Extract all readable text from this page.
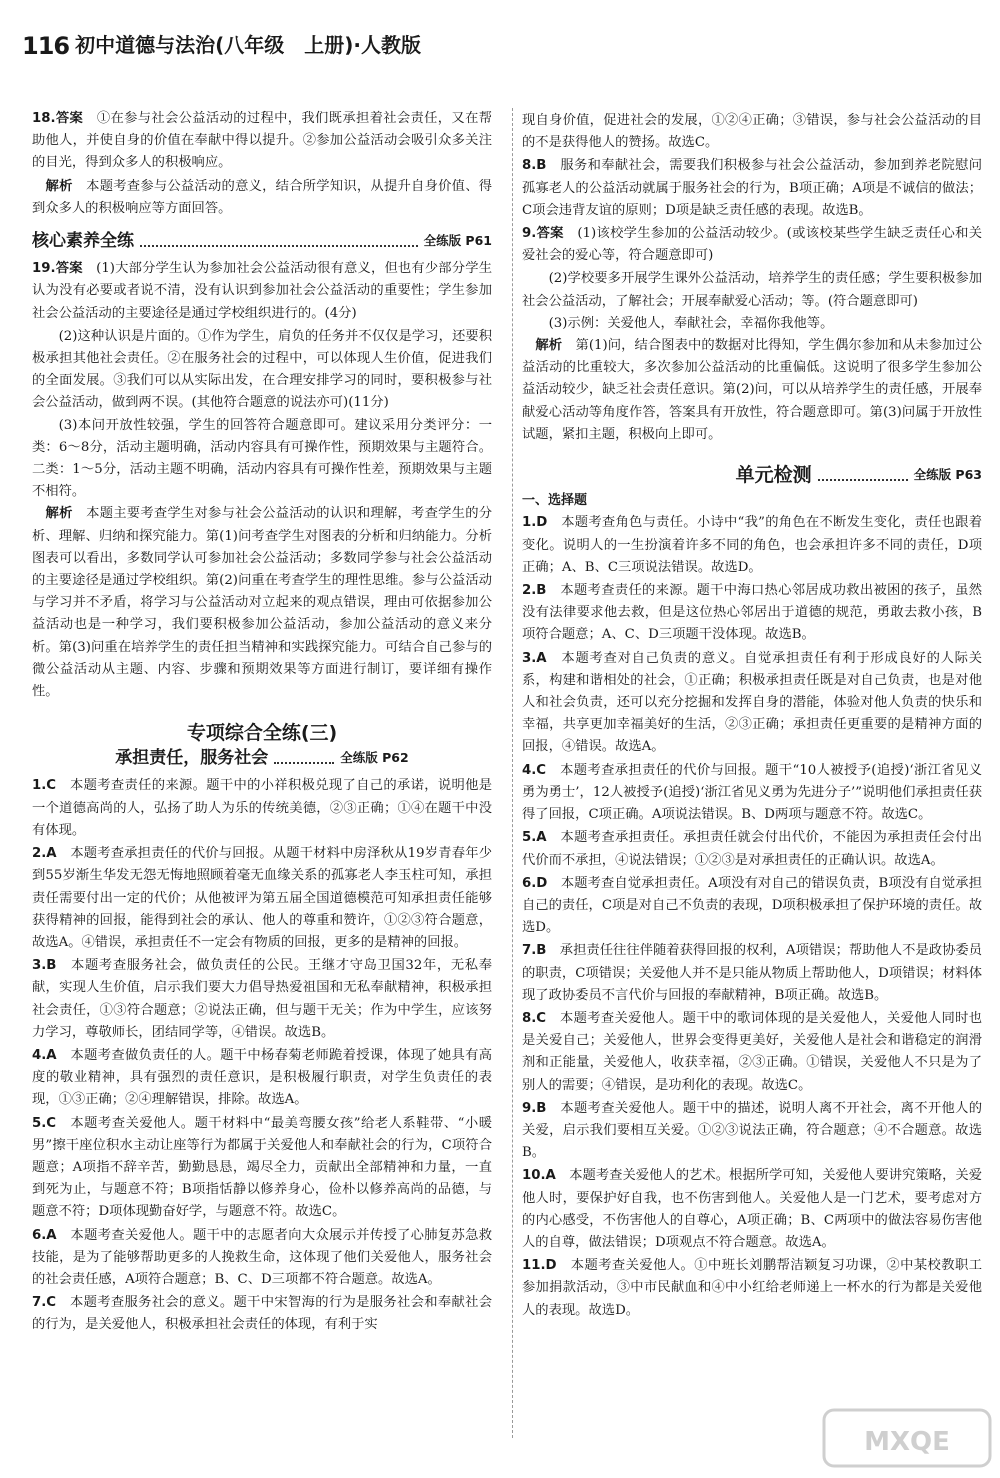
116 初中道德与法治(八年级　上册)·人教版
18.答案　 ①在参与社会公益活动的过程中，我们既承担着社会责任，又在帮助他人，并使自身的价值在奉献中得以提升。②参加公益活动会吸引众多关注的目光，得到众多人的积极响应。
　解析　 本题考查参与公益活动的意义，结合所学知识，从提升自身价值、得到众多人的积极响应等方面回答。
核心素养全练	全练版 P61
19.答案　 (1)大部分学生认为参加社会公益活动很有意义，但也有少部分学生认为没有必要或者说不清，没有认识到参加社会公益活动的重要性；学生参加社会公益活动的主要途径是通过学校组织进行的。(4分)

(2)这种认识是片面的。①作为学生，肩负的任务并不仅仅是学习，还要积极承担其他社会责任。②在服务社会的过程中，可以体现人生价值，促进我们的全面发展。③我们可以从实际出发，在合理安排学习的同时，要积极参与社会公益活动，做到两不误。(其他符合题意的说法亦可)(11分)

(3)本问开放性较强，学生的回答符合题意即可。建议采用分类评分：一类：6～8分，活动主题明确，活动内容具有可操作性，预期效果与主题符合。二类：1～5分，活动主题不明确，活动内容具有可操作性差，预期效果与主题不相符。

　解析　 本题主要考查学生对参与社会公益活动的认识和理解，考查学生的分析、理解、归纳和探究能力。第(1)问考查学生对图表的分析和归纳能力。分析图表可以看出，多数同学认可参加社会公益活动；多数同学参与社会公益活动的主要途径是通过学校组织。第(2)问重在考查学生的理性思维。参与公益活动与学习并不矛盾，将学习与公益活动对立起来的观点错误，理由可依据参加公益活动也是一种学习，我们要积极参加公益活动，参加公益活动的意义来分析。第(3)问重在培养学生的责任担当精神和实践探究能力。可结合自己参与的微公益活动从主题、内容、步骤和预期效果等方面进行制订，要详细有操作性。
专项综合全练(三)
承担责任，服务社会	全练版 P62
1.C　 本题考查责任的来源。题干中的小祥积极兑现了自己的承诺，说明他是一个道德高尚的人，弘扬了助人为乐的传统美德，②③正确；①④在题干中没有体现。
2.A　 本题考查承担责任的代价与回报。从题干材料中房泽秋从19岁青春年少到55岁渐生华发无怨无悔地照顾着毫无血缘关系的孤寡老人李玉柱可知，承担责任需要付出一定的代价；从他被评为第五届全国道德模范可知承担责任能够获得精神的回报，能得到社会的承认、他人的尊重和赞许，①②③符合题意，故选A。④错误，承担责任不一定会有物质的回报，更多的是精神的回报。
3.B　 本题考查服务社会，做负责任的公民。王继才守岛卫国32年，无私奉献，实现人生价值，启示我们要大力倡导热爱祖国和无私奉献精神，积极承担社会责任，①③符合题意；②说法正确，但与题干无关；作为中学生，应该努力学习，尊敬师长，团结同学等，④错误。故选B。
4.A　 本题考查做负责任的人。题干中杨春菊老师跪着授课，体现了她具有高度的敬业精神，具有强烈的责任意识，是积极履行职责，对学生负责任的表现，①③正确；②④理解错误，排除。故选A。
5.C　 本题考查关爱他人。题干材料中“最美弯腰女孩”给老人系鞋带、“小暖男”擦干座位积水主动让座等行为都属于关爱他人和奉献社会的行为，C项符合题意；A项指不辞辛苦，勤勤恳恳，竭尽全力，贡献出全部精神和力量，一直到死为止，与题意不符；B项指恬静以修养身心，俭朴以修养高尚的品德，与题意不符；D项体现勤奋好学，与题意不符。故选C。
6.A　 本题考查关爱他人。题干中的志愿者向大众展示并传授了心肺复苏急救技能，是为了能够帮助更多的人挽救生命，这体现了他们关爱他人，服务社会的社会责任感，A项符合题意；B、C、D三项都不符合题意。故选A。
7.C　 本题考查服务社会的意义。题干中宋智海的行为是服务社会和奉献社会的行为，是关爱他人，积极承担社会责任的体现，有利于实
现自身价值，促进社会的发展，①②④正确；③错误，参与社会公益活动的目的不是获得他人的赞扬。故选C。
8.B　 服务和奉献社会，需要我们积极参与社会公益活动，参加到养老院慰问孤寡老人的公益活动就属于服务社会的行为，B项正确；A项是不诚信的做法；C项会违背友谊的原则；D项是缺乏责任感的表现。故选B。
9.答案　 (1)该校学生参加的公益活动较少。(或该校某些学生缺乏责任心和关爱社会的爱心等，符合题意即可)

(2)学校要多开展学生课外公益活动，培养学生的责任感；学生要积极参加社会公益活动，了解社会；开展奉献爱心活动；等。(符合题意即可)

(3)示例：关爱他人，奉献社会，幸福你我他等。

　解析　 第(1)问，结合图表中的数据对比得知，学生偶尔参加和从未参加过公益活动的比重较大，多次参加公益活动的比重偏低。这说明了很多学生参加公益活动较少，缺乏社会责任意识。第(2)问，可以从培养学生的责任感，开展奉献爱心活动等角度作答，答案具有开放性，符合题意即可。第(3)问属于开放性试题，紧扣主题，积极向上即可。
单元检测	全练版 P63
一、选择题
1.D　 本题考查角色与责任。小诗中“我”的角色在不断发生变化，责任也跟着变化。说明人的一生扮演着许多不同的角色，也会承担许多不同的责任，D项正确；A、B、C三项说法错误。故选D。
2.B　 本题考查责任的来源。题干中海口热心邻居成功救出被困的孩子，虽然没有法律要求他去救，但是这位热心邻居出于道德的规范，勇敢去救小孩，B项符合题意；A、C、D三项题干没体现。故选B。
3.A　 本题考查对自己负责的意义。自觉承担责任有利于形成良好的人际关系，构建和谐相处的社会，①正确；积极承担责任既是对自己负责，也是对他人和社会负责，还可以充分挖掘和发挥自身的潜能，体验对他人负责的快乐和幸福，共享更加幸福美好的生活，②③正确；承担责任更重要的是精神方面的回报，④错误。故选A。
4.C　 本题考查承担责任的代价与回报。题干“10人被授予(追授)‘浙江省见义勇为勇士’，12人被授予(追授)‘浙江省见义勇为先进分子’”说明他们承担责任获得了回报，C项正确。A项说法错误。B、D两项与题意不符。故选C。
5.A　 本题考查承担责任。承担责任就会付出代价，不能因为承担责任会付出代价而不承担，④说法错误；①②③是对承担责任的正确认识。故选A。
6.D　 本题考查自觉承担责任。A项没有对自己的错误负责，B项没有自觉承担自己的责任，C项是对自己不负责的表现，D项积极承担了保护环境的责任。故选D。
7.B　 承担责任往往伴随着获得回报的权利，A项错误；帮助他人不是政协委员的职责，C项错误；关爱他人并不是只能从物质上帮助他人，D项错误；材料体现了政协委员不言代价与回报的奉献精神，B项正确。故选B。
8.C　 本题考查关爱他人。题干中的歌词体现的是关爱他人，关爱他人同时也是关爱自己；关爱他人，世界会变得更美好，关爱他人是社会和谐稳定的润滑剂和正能量，关爱他人，收获幸福，②③正确。①错误，关爱他人不只是为了别人的需要；④错误，是功利化的表现。故选C。
9.B　 本题考查关爱他人。题干中的描述，说明人离不开社会，离不开他人的关爱，启示我们要相互关爱。①②③说法正确，符合题意；④不合题意。故选B。
10.A　 本题考查关爱他人的艺术。根据所学可知，关爱他人要讲究策略，关爱他人时，要保护好自我，也不伤害到他人。关爱他人是一门艺术，要考虑对方的内心感受，不伤害他人的自尊心，A项正确；B、C两项中的做法容易伤害他人的自尊，做法错误；D项观点不符合题意。故选A。
11.D　 本题考查关爱他人。①中班长刘鹏帮洁颖复习功课，②中某校教职工参加捐款活动，③中市民献血和④中小红给老师递上一杯水的行为都是关爱他人的表现。故选D。
MXQE
